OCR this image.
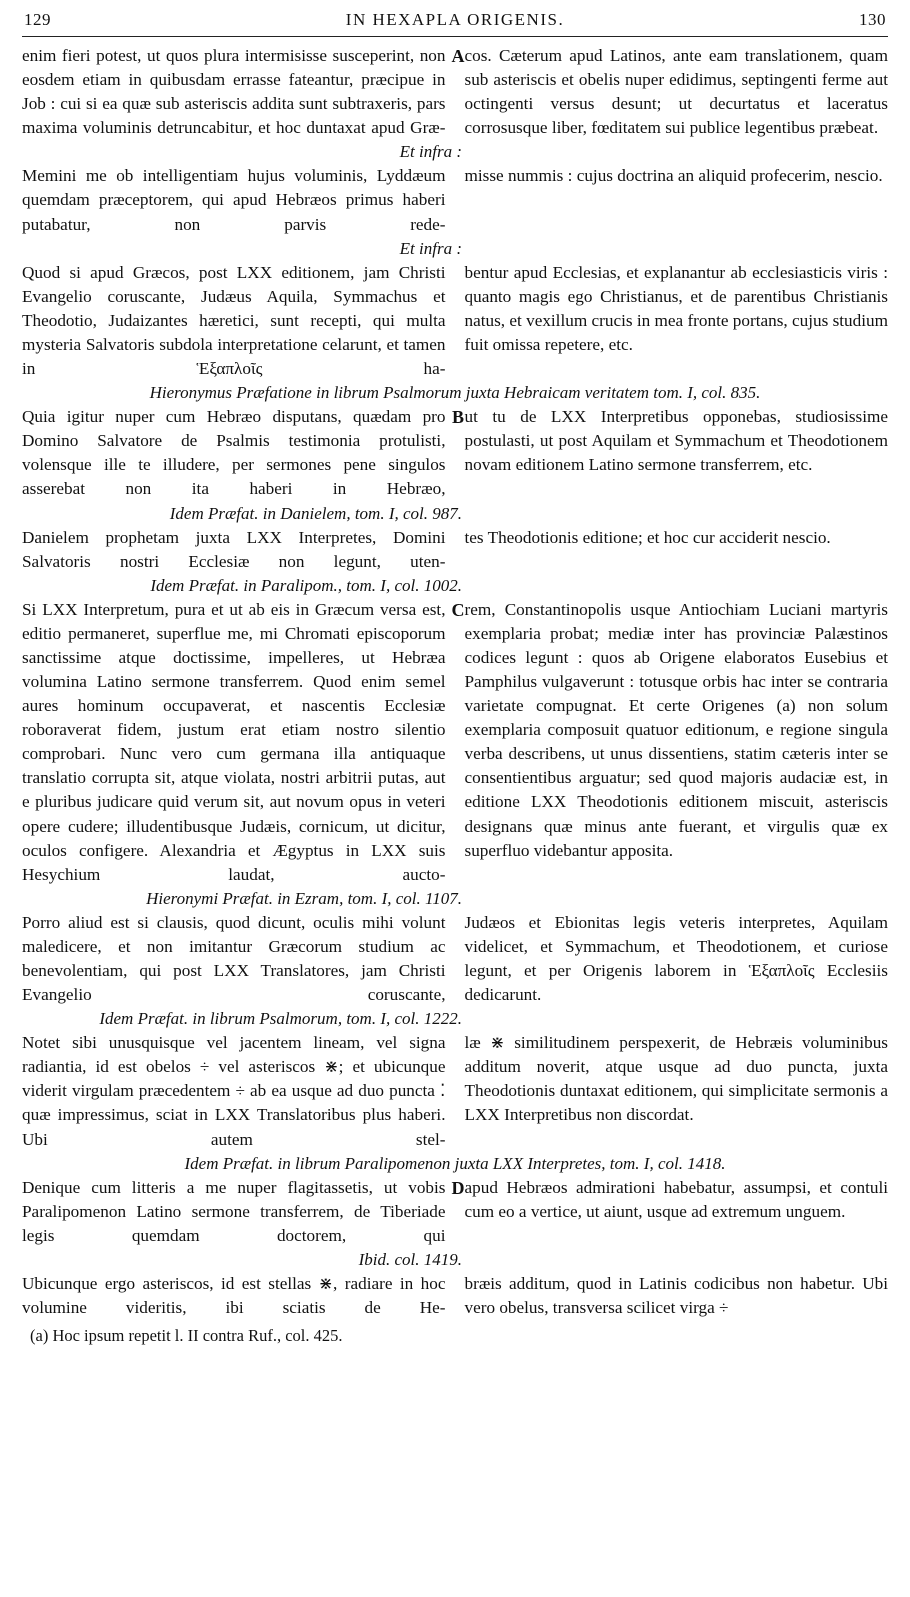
129	IN HEXAPLA ORIGENIS.	130
enim fieri potest, ut quos plura intermisisse susceperint, non eosdem etiam in quibusdam errasse fateantur, præcipue in Job : cui si ea quæ sub asteriscis addita sunt subtraxeris, pars maxima voluminis detruncabitur, et hoc duntaxat apud Græ-
cos. Cæterum apud Latinos, ante eam translationem, quam sub asteriscis et obelis nuper edidimus, septingenti ferme aut octingenti versus desunt; ut decurtatus et laceratus corrosusque liber, fœditatem sui publice legentibus præbeat.
A
Et infra :
Memini me ob intelligentiam hujus voluminis, Lyddæum quemdam præceptorem, qui apud Hebræos primus haberi putabatur, non parvis rede-
misse nummis : cujus doctrina an aliquid profecerim, nescio.
Et infra :
Quod si apud Græcos, post LXX editionem, jam Christi Evangelio coruscante, Judæus Aquila, Symmachus et Theodotio, Judaizantes hæretici, sunt recepti, qui multa mysteria Salvatoris subdola interpretatione celarunt, et tamen in Ἑξαπλοῖς ha-
bentur apud Ecclesias, et explanantur ab ecclesiasticis viris : quanto magis ego Christianus, et de parentibus Christianis natus, et vexillum crucis in mea fronte portans, cujus studium fuit omissa repetere, etc.
Hieronymus Præfatione in librum Psalmorum juxta Hebraicam veritatem tom. I, col. 835.
Quia igitur nuper cum Hebræo disputans, quædam pro Domino Salvatore de Psalmis testimonia protulisti, volensque ille te illudere, per sermones pene singulos asserebat non ita haberi in Hebræo,
ut tu de LXX Interpretibus opponebas, studiosissime postulasti, ut post Aquilam et Symmachum et Theodotionem novam editionem Latino sermone transferrem, etc.
B
Idem Præfat. in Danielem, tom. I, col. 987.
Danielem prophetam juxta LXX Interpretes, Domini Salvatoris nostri Ecclesiæ non legunt, uten-
tes Theodotionis editione; et hoc cur acciderit nescio.
Idem Præfat. in Paralipom., tom. I, col. 1002.
Si LXX Interpretum, pura et ut ab eis in Græcum versa est, editio permaneret, superflue me, mi Chromati episcoporum sanctissime atque doctissime, impelleres, ut Hebræa volumina Latino sermone transferrem. Quod enim semel aures hominum occupaverat, et nascentis Ecclesiæ roboraverat fidem, justum erat etiam nostro silentio comprobari. Nunc vero cum germana illa antiquaque translatio corrupta sit, atque violata, nostri arbitrii putas, aut e pluribus judicare quid verum sit, aut novum opus in veteri opere cudere; illudentibusque Judæis, cornicum, ut dicitur, oculos configere. Alexandria et Ægyptus in LXX suis Hesychium laudat, aucto-
rem, Constantinopolis usque Antiochiam Luciani martyris exemplaria probat; mediæ inter has provinciæ Palæstinos codices legunt : quos ab Origene elaboratos Eusebius et Pamphilus vulgaverunt : totusque orbis hac inter se contraria varietate compugnat. Et certe Origenes (a) non solum exemplaria composuit quatuor editionum, e regione singula verba describens, ut unus dissentiens, statim cæteris inter se consentientibus arguatur; sed quod majoris audaciæ est, in editione LXX Theodotionis editionem miscuit, asteriscis designans quæ minus ante fuerant, et virgulis quæ ex superfluo videbantur apposita.
C
Hieronymi Præfat. in Ezram, tom. I, col. 1107.
Porro aliud est si clausis, quod dicunt, oculis mihi volunt maledicere, et non imitantur Græcorum studium ac benevolentiam, qui post LXX Translatores, jam Christi Evangelio coruscante,
Judæos et Ebionitas legis veteris interpretes, Aquilam videlicet, et Symmachum, et Theodotionem, et curiose legunt, et per Origenis laborem in Ἑξαπλοῖς Ecclesiis dedicarunt.
Idem Præfat. in librum Psalmorum, tom. I, col. 1222.
Notet sibi unusquisque vel jacentem lineam, vel signa radiantia, id est obelos ÷ vel asteriscos ⋇; et ubicunque viderit virgulam præcedentem ÷ ab ea usque ad duo puncta ⁚ quæ impressimus, sciat in LXX Translatoribus plus haberi. Ubi autem stel-
læ ⋇ similitudinem perspexerit, de Hebræis voluminibus additum noverit, atque usque ad duo puncta, juxta Theodotionis duntaxat editionem, qui simplicitate sermonis a LXX Interpretibus non discordat.
Idem Præfat. in librum Paralipomenon juxta LXX Interpretes, tom. I, col. 1418.
Denique cum litteris a me nuper flagitassetis, ut vobis Paralipomenon Latino sermone transferrem, de Tiberiade legis quemdam doctorem, qui
apud Hebræos admirationi habebatur, assumpsi, et contuli cum eo a vertice, ut aiunt, usque ad extremum unguem.
D
Ibid. col. 1419.
Ubicunque ergo asteriscos, id est stellas ⋇, radiare in hoc volumine videritis, ibi sciatis de He-
bræis additum, quod in Latinis codicibus non habetur. Ubi vero obelus, transversa scilicet virga ÷
(a) Hoc ipsum repetit l. II contra Ruf., col. 425.
